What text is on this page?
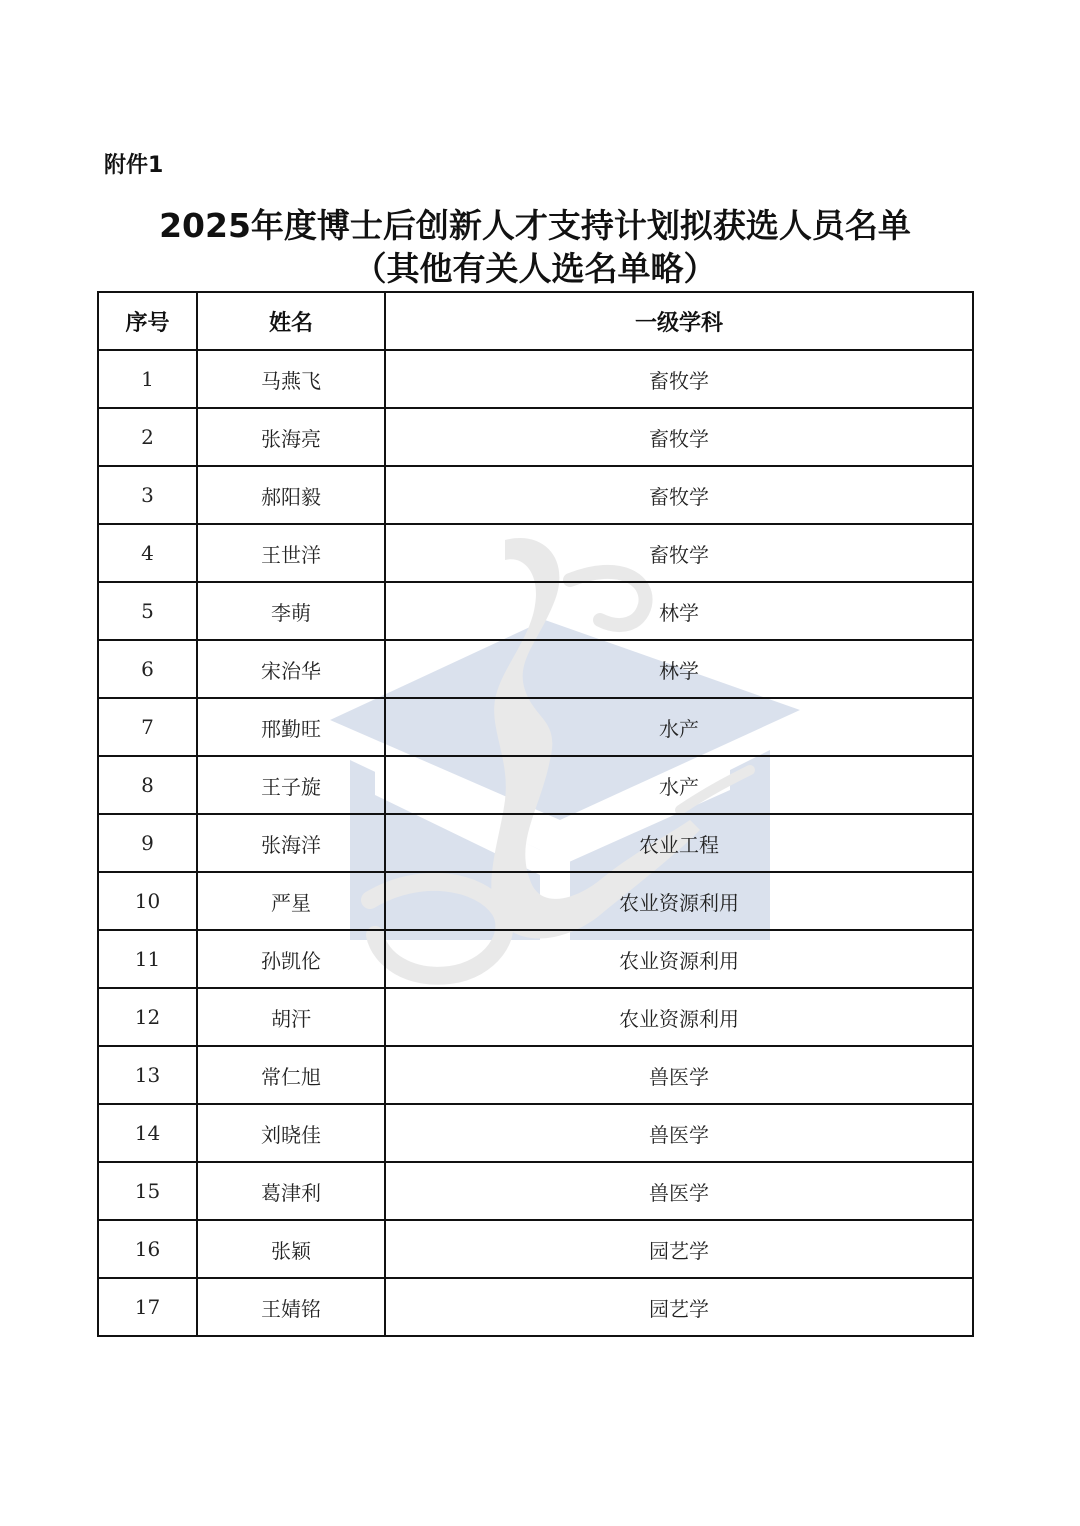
附件1
2025年度博士后创新人才支持计划拟获选人员名单
（其他有关人选名单略）
序号	姓名	一级学科
1	马燕飞	畜牧学
2	张海亮	畜牧学
3	郝阳毅	畜牧学
4	王世洋	畜牧学
5	李萌	林学
6	宋治华	林学
7	邢勤旺	水产
8	王子旋	水产
9	张海洋	农业工程
10	严星	农业资源利用
11	孙凯伦	农业资源利用
12	胡汗	农业资源利用
13	常仁旭	兽医学
14	刘晓佳	兽医学
15	葛津利	兽医学
16	张颖	园艺学
17	王婧铭	园艺学
